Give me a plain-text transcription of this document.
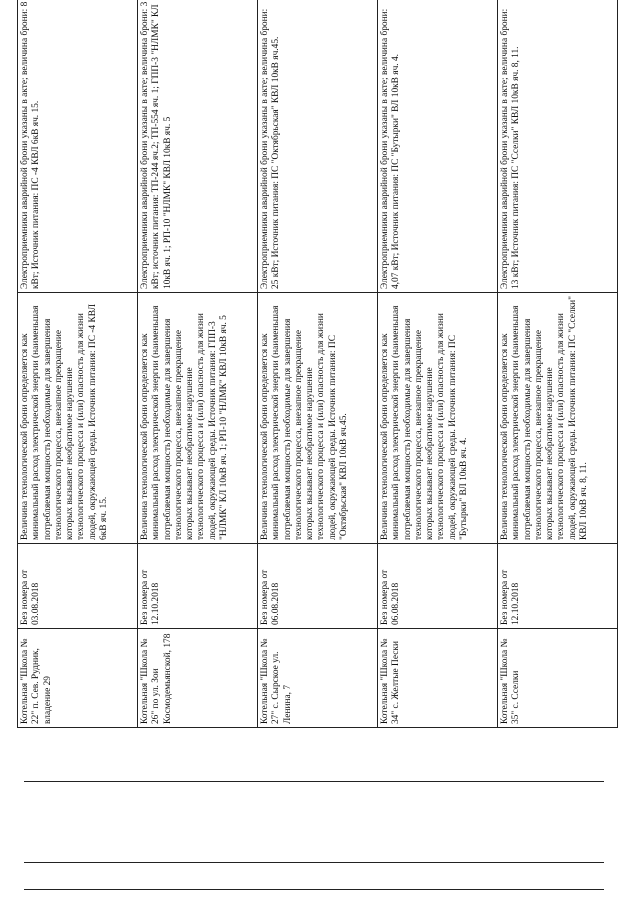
Котельная "Школа № 22" п. Сев. Рудник, владение 29	Без номера от 03.08.2018	Величина технологической брони определяется как минимальный расход электрической энергии (наименьшая потребляемая мощность) необходимые для завершения технологического процесса, внезапное прекращение которых вызывает необратимое нарушение технологического процесса и (или) опасность для жизни людей, окружающей среды. Источник питания: ПС -4 КВЛ 6кВ яч. 15.	Электроприемники аварийной брони указаны в акте; величина брони: 8 кВт; Источник питания: ПС -4 КВЛ 6кВ яч. 15.
Котельная "Школа № 26" по ул. Зои Космодемьянской, 178	Без номера от 12.10.2018	Величина технологической брони определяется как минимальный расход электрической энергии (наименьшая потребляемая мощность) необходимые для завершения технологического процесса, внезапное прекращение которых вызывает необратимое нарушение технологического процесса и (или) опасность для жизни людей, окружающей среды. Источник питания: ГПП-3 "НЛМК" КЛ 10кВ яч. 1; РП-10 "НЛМК" КВЛ 10кВ яч. 5	Электроприемники аварийной брони указаны в акте; величина брони: 3 кВт; источник питания: ТП-244 яч.2; ТП-554 яч. 1; ГПП-3 "НЛМК" КЛ 10кВ яч. 1; РП-10 "НЛМК" КВЛ 10кВ яч. 5
Котельная "Школа № 27" с. Сырское ул. Ленина, 7	Без номера от 06.08.2018	Величина технологической брони определяется как минимальный расход электрической энергии (наименьшая потребляемая мощность) необходимые для завершения технологического процесса, внезапное прекращение которых вызывает необратимое нарушение технологического процесса и (или) опасность для жизни людей, окружающей среды. Источник питания: ПС "Октябрьская" КВЛ 10кВ яч.45.	Электроприемники аварийной брони указаны в акте; величина брони: 25 кВт; Источник питания: ПС "Октябрьская" КВЛ 10кВ яч.45.
Котельная "Школа № 34" с. Желтые Пески	Без номера от 06.08.2018	Величина технологической брони определяется как минимальный расход электрической энергии (наименьшая потребляемая мощность) необходимые для завершения технологического процесса, внезапное прекращение которых вызывает необратимое нарушение технологического процесса и (или) опасность для жизни людей, окружающей среды. Источник питания: ПС "Бутырки" ВЛ 10кВ яч. 4.	Электроприемники аварийной брони указаны в акте; величина брони: 4,07 кВт; Источник питания: ПС "Бутырки" ВЛ 10кВ яч. 4.
Котельная "Школа № 35" с. Сселки	Без номера от 12.10.2018	Величина технологической брони определяется как минимальный расход электрической энергии (наименьшая потребляемая мощность) необходимые для завершения технологического процесса, внезапное прекращение которых вызывает необратимое нарушение технологического процесса и (или) опасность для жизни людей, окружающей среды. Источник питания: ПС "Сселки" КВЛ 10кВ яч. 8, 11.	Электроприемники аварийной брони указаны в акте; величина брони: 13 кВт; Источник питания: ПС "Сселки" КВЛ 10кВ яч. 8, 11.
